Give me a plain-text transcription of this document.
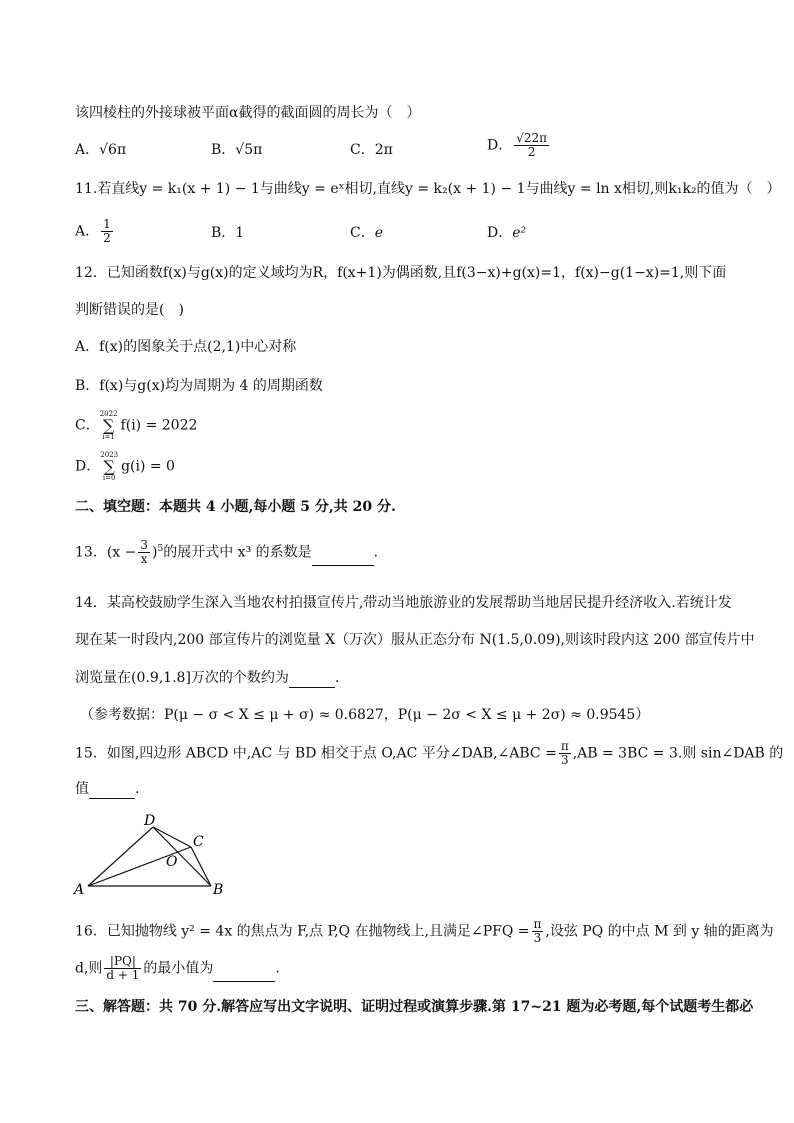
该四棱柱的外接球被平面α截得的截面圆的周长为（　）
A．√6π	B．√5π	C．2π	D． $\frac{√22\pi}{2}$
11.若直线y = k₁(x + 1) − 1与曲线y = eˣ相切,直线y = k₂(x + 1) − 1与曲线y = ln x相切,则k₁k₂的值为（　）
A． $\frac{1}{2}$	B．1	C．e	D．e²
12．已知函数f(x)与g(x)的定义域均为R，f(x+1)为偶函数,且f(3−x)+g(x)=1，f(x)−g(1−x)=1,则下面
判断错误的是(　)
A．f(x)的图象关于点(2,1)中心对称
B．f(x)与g(x)均为周期为 4 的周期函数
C．2022
∑
i=1f(i) = 2022
D．2023
∑
i=0g(i) = 0
二、填空题：本题共 4 小题,每小题 5 分,共 20 分.
13．$(x - \frac{3}{x} )^5$的展开式中 x³ 的系数是	.
14．某高校鼓励学生深入当地农村拍摄宣传片,带动当地旅游业的发展帮助当地居民提升经济收入.若统计发
现在某一时段内,200 部宣传片的浏览量 X（万次）服从正态分布 N(1.5,0.09),则该时段内这 200 部宣传片中
浏览量在(0.9,1.8]万次的个数约为	.
（参考数据：P(μ − σ < X ≤ μ + σ) ≈ 0.6827，P(μ − 2σ < X ≤ μ + 2σ) ≈ 0.9545）
15．如图,四边形 ABCD 中,AC 与 BD 相交于点 O,AC 平分∠DAB,∠ABC = $\frac{\pi}{3} ,AB = 3BC = 3$.则 sin∠DAB 的
值	.
A	B
C
D
O
16．已知抛物线 y² = 4x 的焦点为 F,点 P,Q 在抛物线上,且满足∠PFQ = $\frac{\pi}{3}$ ,设弦 PQ 的中点 M 到 y 轴的距离为
d,则 $\frac{|PQ|}{d + 1}$ 的最小值为	.
三、解答题：共 70 分.解答应写出文字说明、证明过程或演算步骤.第 17~21 题为必考题,每个试题考生都必
